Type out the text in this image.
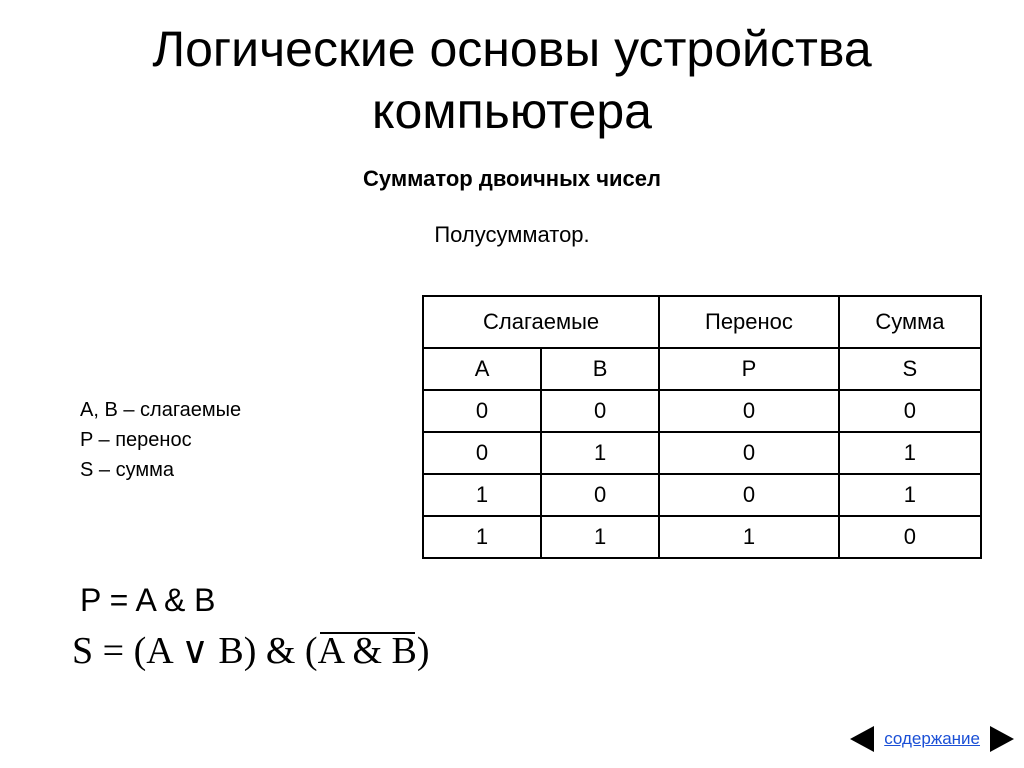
Логические основы устройства
компьютера
Сумматор двоичных чисел
Полусумматор.
A, B – слагаемые
P – перенос
S – сумма
Слагаемые		Перенос	Сумма
A	B	P	S
0	0	0	0
0	1	0	1
1	0	0	1
1	1	1	0
P = A & B
S = (A ∨ B) & (A & B)
содержание
